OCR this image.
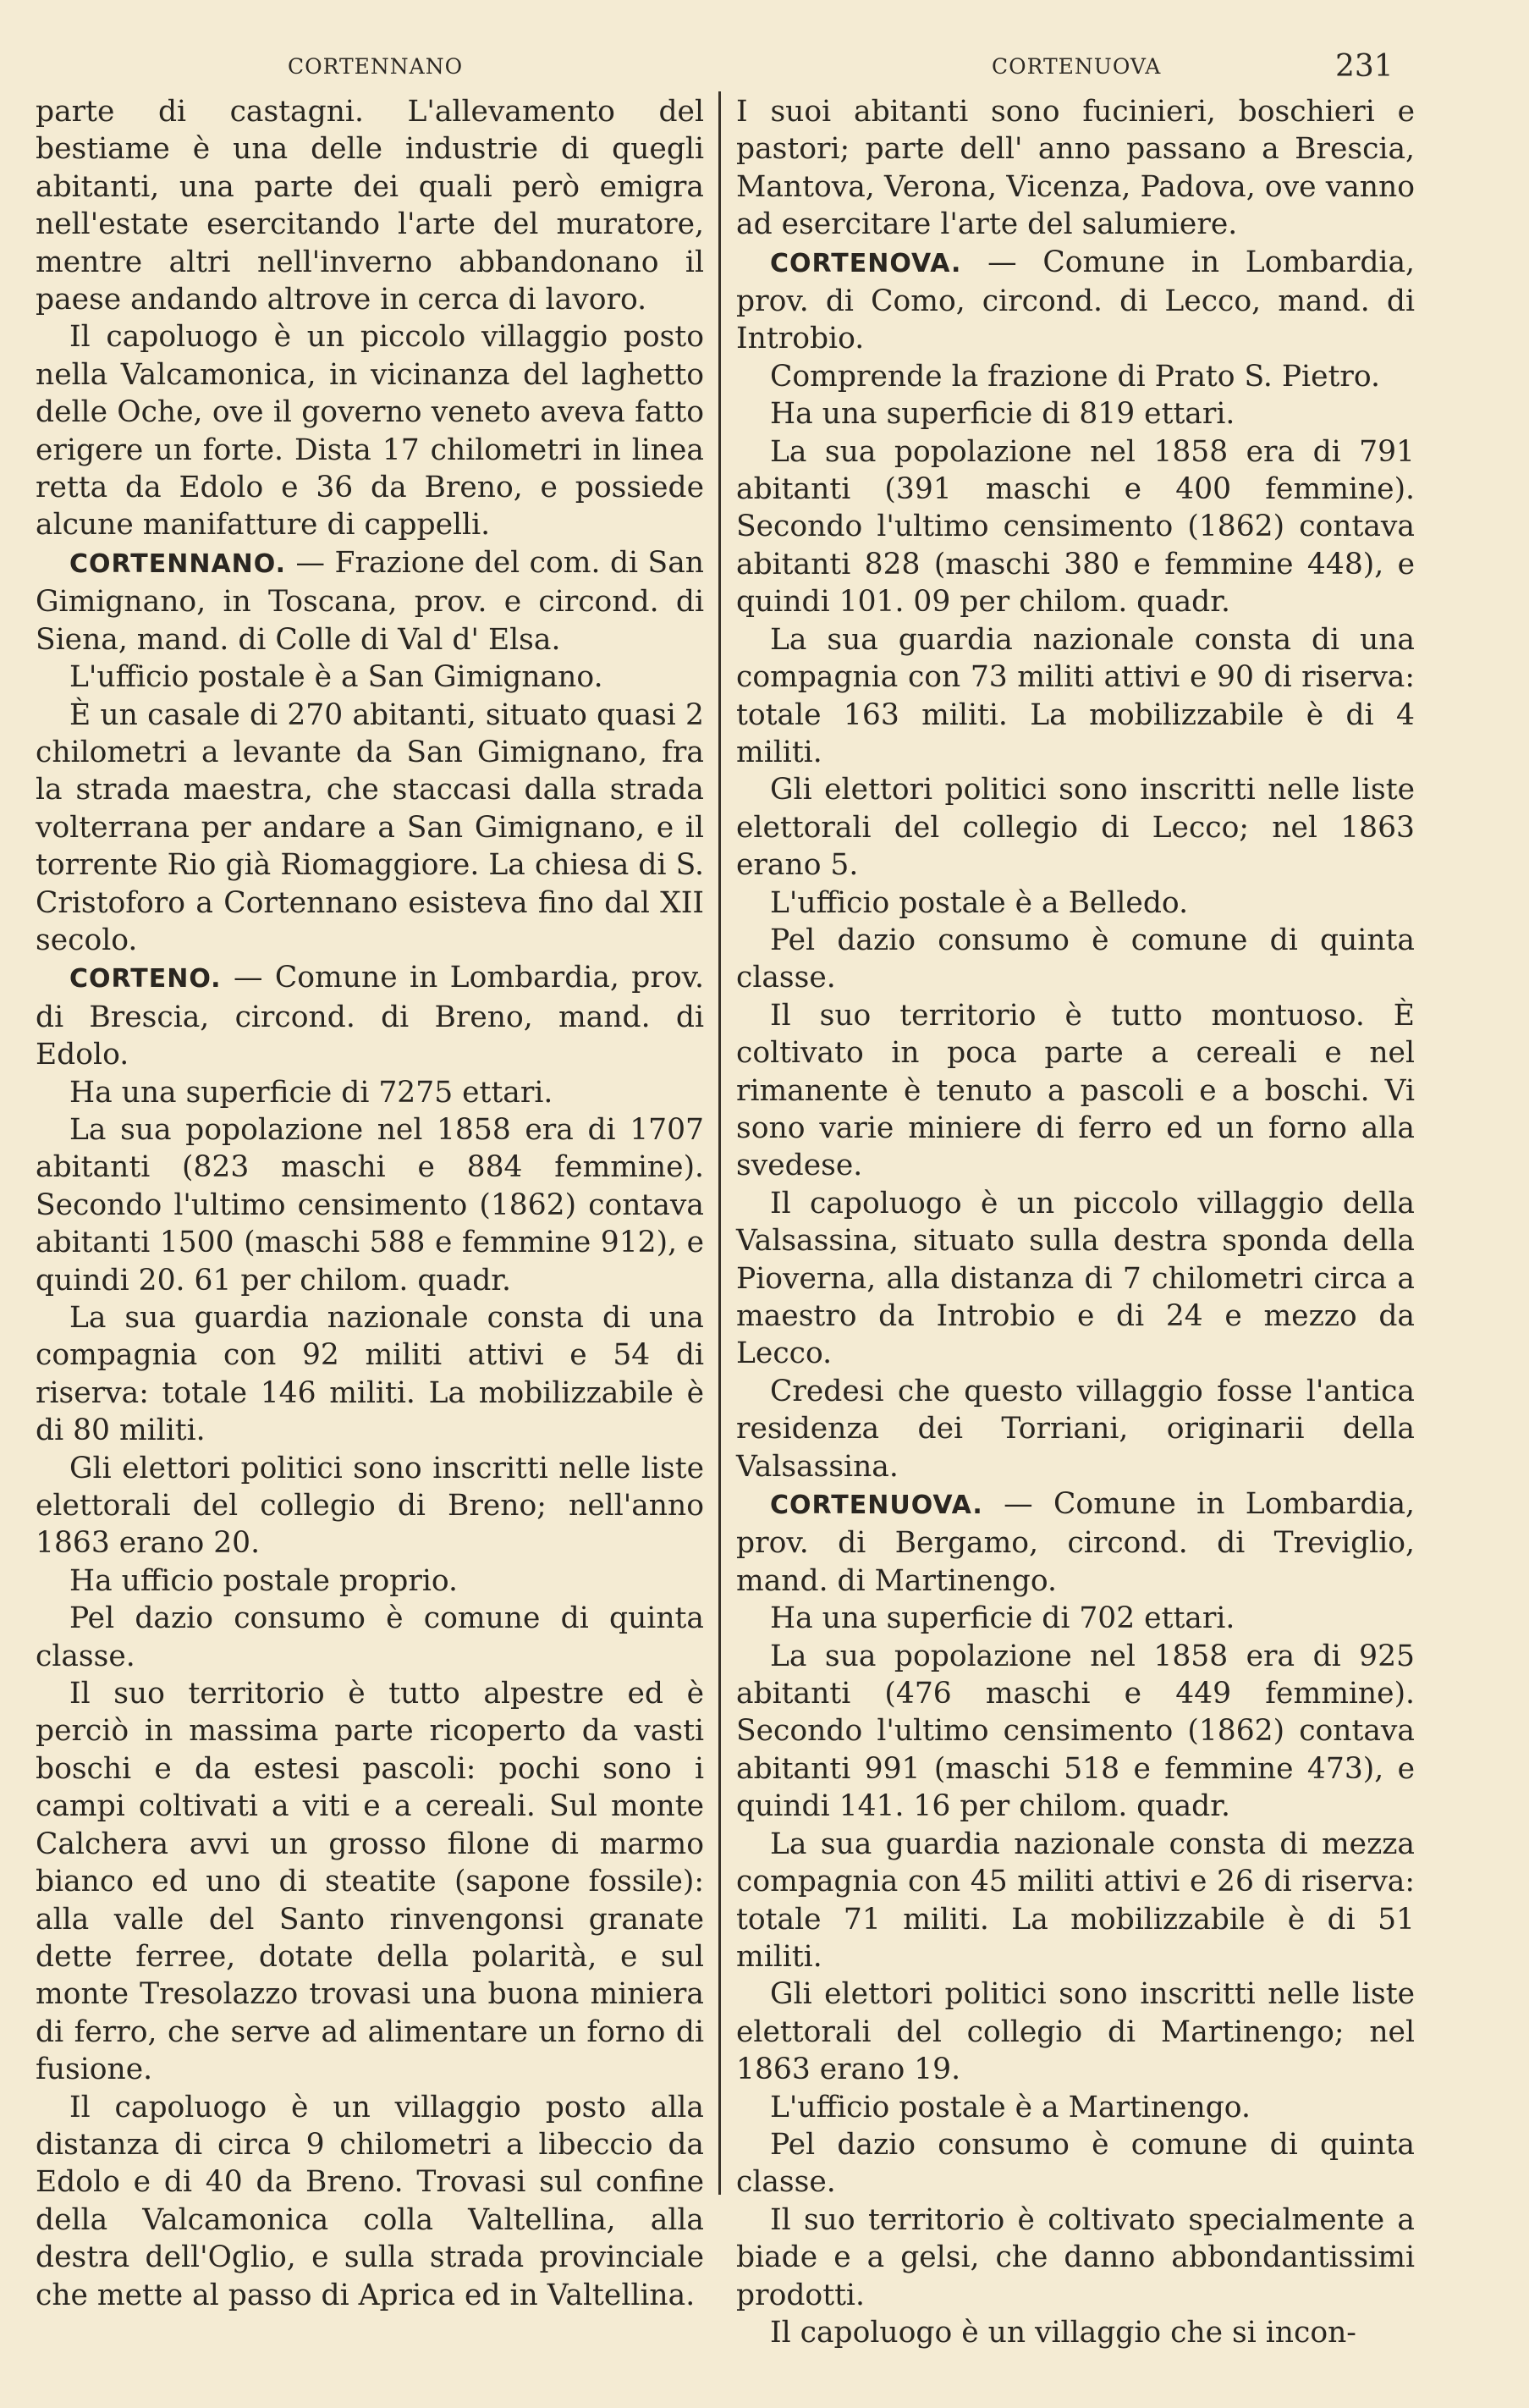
CORTENNANO	CORTENUOVA	231

parte di castagni. L'allevamento del bestiame è una delle industrie di quegli abitanti, una parte dei quali però emigra nell'estate esercitando l'arte del muratore, mentre altri nell'inverno abbandonano il paese andando altrove in cerca di lavoro.

Il capoluogo è un piccolo villaggio posto nella Valcamonica, in vicinanza del laghetto delle Oche, ove il governo veneto aveva fatto erigere un forte. Dista 17 chilometri in linea retta da Edolo e 36 da Breno, e possiede alcune manifatture di cappelli.

CORTENNANO. — Frazione del com. di San Gimignano, in Toscana, prov. e circond. di Siena, mand. di Colle di Val d' Elsa.

L'ufficio postale è a San Gimignano.

È un casale di 270 abitanti, situato quasi 2 chilometri a levante da San Gimignano, fra la strada maestra, che staccasi dalla strada volterrana per andare a San Gimignano, e il torrente Rio già Riomaggiore. La chiesa di S. Cristoforo a Cortennano esisteva fino dal XII secolo.

CORTENO. — Comune in Lombardia, prov. di Brescia, circond. di Breno, mand. di Edolo.

Ha una superficie di 7275 ettari.

La sua popolazione nel 1858 era di 1707 abitanti (823 maschi e 884 femmine). Secondo l'ultimo censimento (1862) contava abitanti 1500 (maschi 588 e femmine 912), e quindi 20. 61 per chilom. quadr.

La sua guardia nazionale consta di una compagnia con 92 militi attivi e 54 di riserva: totale 146 militi. La mobilizzabile è di 80 militi.

Gli elettori politici sono inscritti nelle liste elettorali del collegio di Breno; nell'anno 1863 erano 20.

Ha ufficio postale proprio.

Pel dazio consumo è comune di quinta classe.

Il suo territorio è tutto alpestre ed è perciò in massima parte ricoperto da vasti boschi e da estesi pascoli: pochi sono i campi coltivati a viti e a cereali. Sul monte Calchera avvi un grosso filone di marmo bianco ed uno di steatite (sapone fossile): alla valle del Santo rinvengonsi granate dette ferree, dotate della polarità, e sul monte Tresolazzo trovasi una buona miniera di ferro, che serve ad alimentare un forno di fusione.

Il capoluogo è un villaggio posto alla distanza di circa 9 chilometri a libeccio da Edolo e di 40 da Breno. Trovasi sul confine della Valcamonica colla Valtellina, alla destra dell'Oglio, e sulla strada provinciale che mette al passo di Aprica ed in Valtellina.

I suoi abitanti sono fucinieri, boschieri e pastori; parte dell' anno passano a Brescia, Mantova, Verona, Vicenza, Padova, ove vanno ad esercitare l'arte del salumiere.

CORTENOVA. — Comune in Lombardia, prov. di Como, circond. di Lecco, mand. di Introbio.

Comprende la frazione di Prato S. Pietro.

Ha una superficie di 819 ettari.

La sua popolazione nel 1858 era di 791 abitanti (391 maschi e 400 femmine). Secondo l'ultimo censimento (1862) contava abitanti 828 (maschi 380 e femmine 448), e quindi 101. 09 per chilom. quadr.

La sua guardia nazionale consta di una compagnia con 73 militi attivi e 90 di riserva: totale 163 militi. La mobilizzabile è di 4 militi.

Gli elettori politici sono inscritti nelle liste elettorali del collegio di Lecco; nel 1863 erano 5.

L'ufficio postale è a Belledo.

Pel dazio consumo è comune di quinta classe.

Il suo territorio è tutto montuoso. È coltivato in poca parte a cereali e nel rimanente è tenuto a pascoli e a boschi. Vi sono varie miniere di ferro ed un forno alla svedese.

Il capoluogo è un piccolo villaggio della Valsassina, situato sulla destra sponda della Pioverna, alla distanza di 7 chilometri circa a maestro da Introbio e di 24 e mezzo da Lecco.

Credesi che questo villaggio fosse l'antica residenza dei Torriani, originarii della Valsassina.

CORTENUOVA. — Comune in Lombardia, prov. di Bergamo, circond. di Treviglio, mand. di Martinengo.

Ha una superficie di 702 ettari.

La sua popolazione nel 1858 era di 925 abitanti (476 maschi e 449 femmine). Secondo l'ultimo censimento (1862) contava abitanti 991 (maschi 518 e femmine 473), e quindi 141. 16 per chilom. quadr.

La sua guardia nazionale consta di mezza compagnia con 45 militi attivi e 26 di riserva: totale 71 militi. La mobilizzabile è di 51 militi.

Gli elettori politici sono inscritti nelle liste elettorali del collegio di Martinengo; nel 1863 erano 19.

L'ufficio postale è a Martinengo.

Pel dazio consumo è comune di quinta classe.

Il suo territorio è coltivato specialmente a biade e a gelsi, che danno abbondantissimi prodotti.

Il capoluogo è un villaggio che si incon-
